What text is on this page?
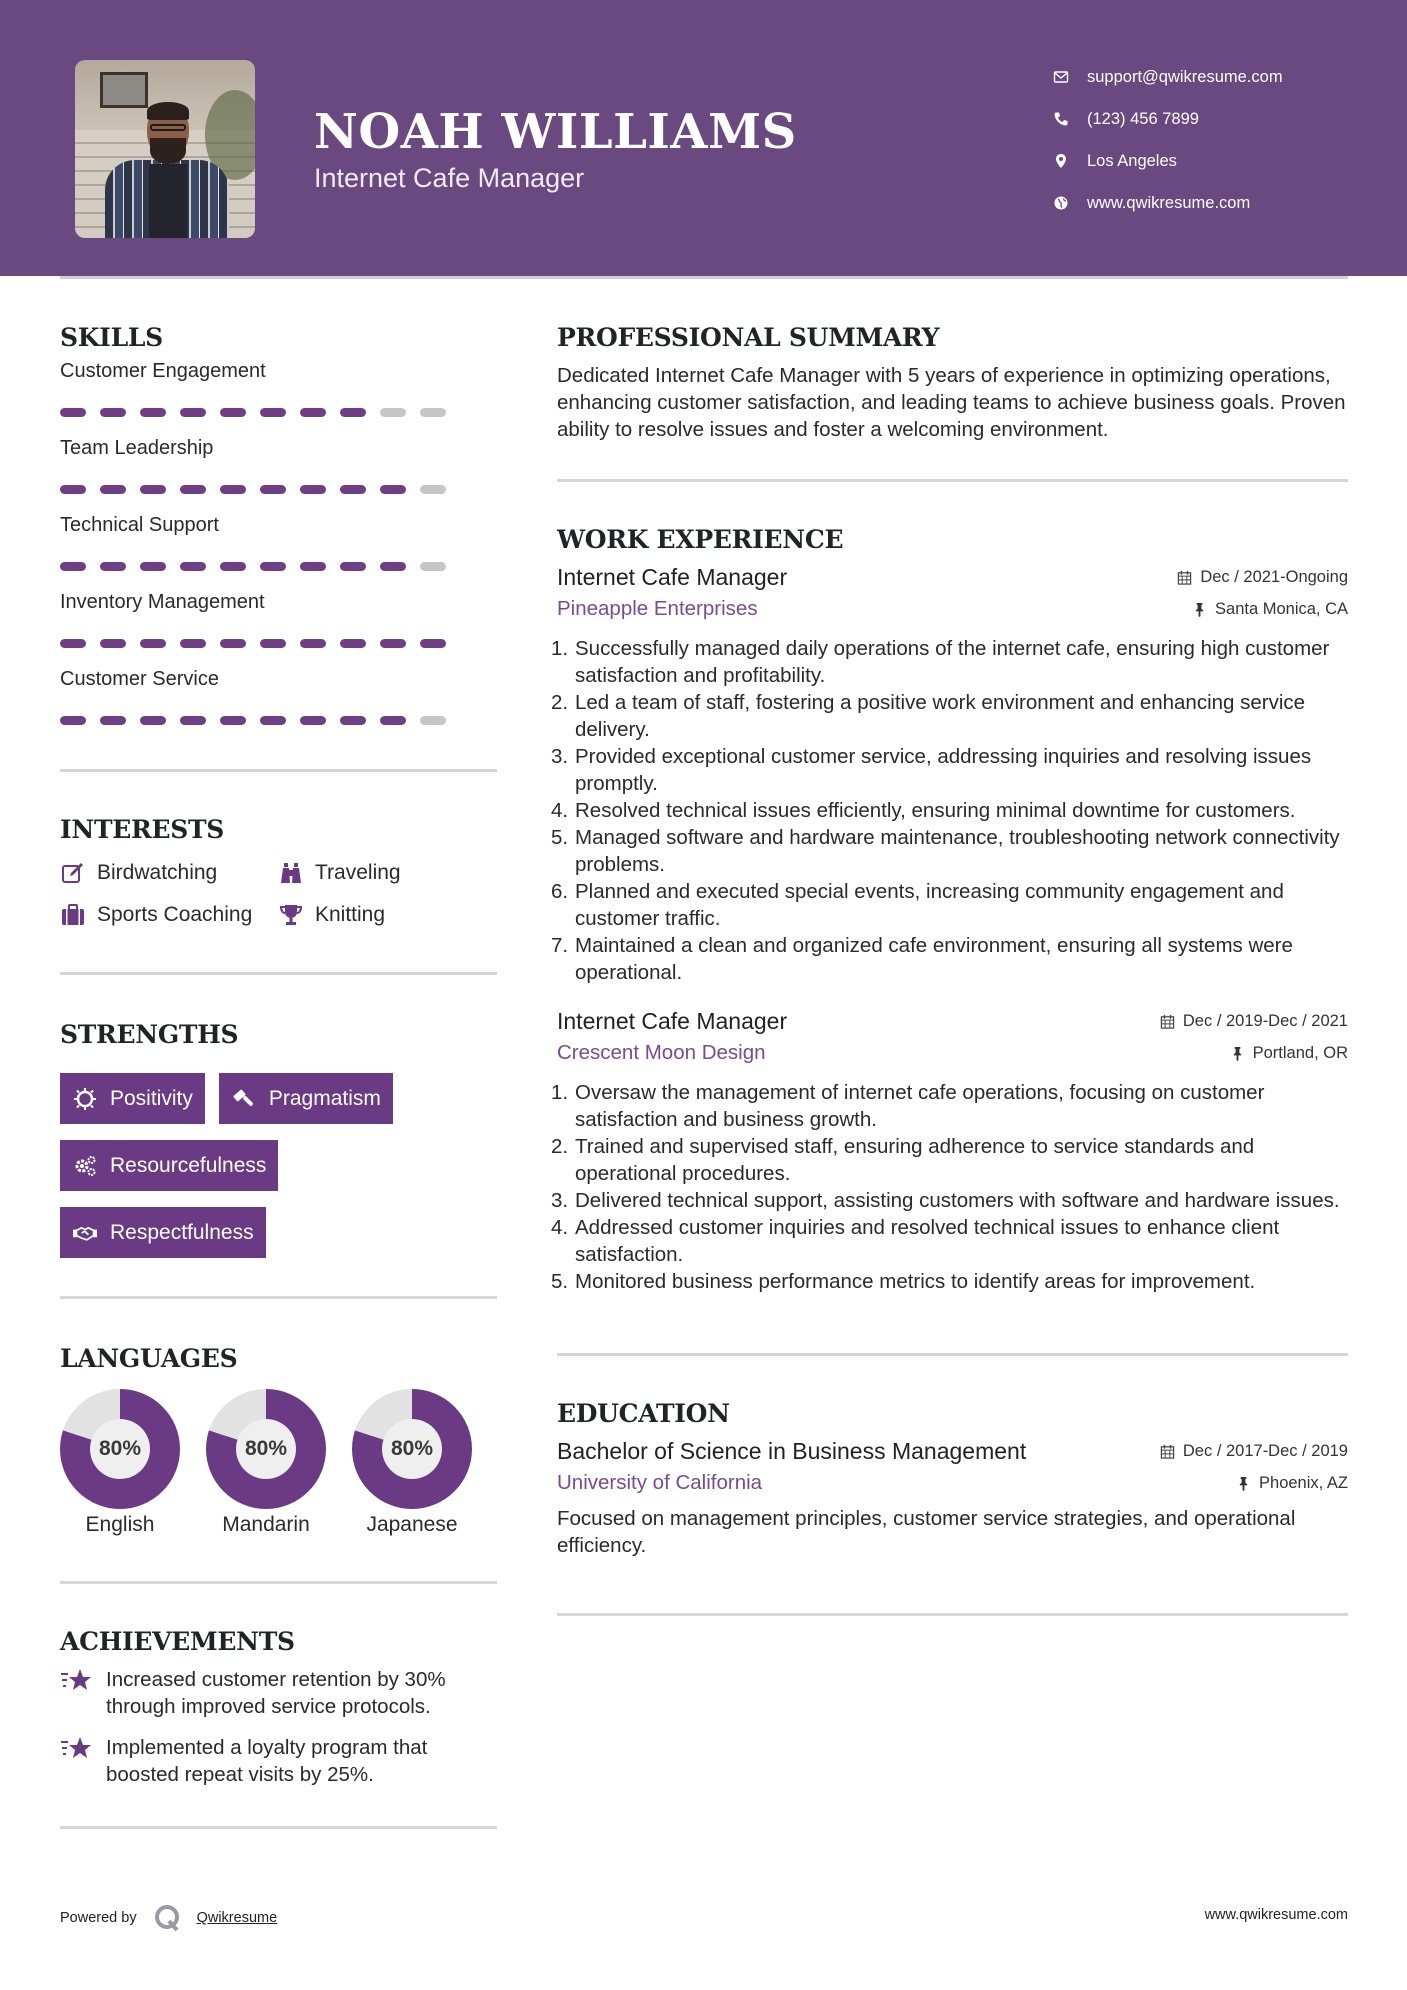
NOAH WILLIAMS
Internet Cafe Manager
support@qwikresume.com
(123) 456 7899
Los Angeles
www.qwikresume.com
SKILLS
Customer Engagement
Team Leadership
Technical Support
Inventory Management
Customer Service
INTERESTS
Birdwatching	Traveling
Sports Coaching	Knitting
STRENGTHS
Positivity	Pragmatism
Resourcefulness
Respectfulness
LANGUAGES
80%
English
80%
Mandarin
80%
Japanese
ACHIEVEMENTS
Increased customer retention by 30% through improved service protocols.
Implemented a loyalty program that boosted repeat visits by 25%.
PROFESSIONAL SUMMARY

Dedicated Internet Cafe Manager with 5 years of experience in optimizing operations, enhancing customer satisfaction, and leading teams to achieve business goals. Proven ability to resolve issues and foster a welcoming environment.

WORK EXPERIENCE
Internet Cafe Manager	Dec / 2021-Ongoing
Pineapple Enterprises	Santa Monica, CA
1. Successfully managed daily operations of the internet cafe, ensuring high customer satisfaction and profitability.
2. Led a team of staff, fostering a positive work environment and enhancing service delivery.
3. Provided exceptional customer service, addressing inquiries and resolving issues promptly.
4. Resolved technical issues efficiently, ensuring minimal downtime for customers.
5. Managed software and hardware maintenance, troubleshooting network connectivity problems.
6. Planned and executed special events, increasing community engagement and customer traffic.
7. Maintained a clean and organized cafe environment, ensuring all systems were operational.
Internet Cafe Manager	Dec / 2019-Dec / 2021
Crescent Moon Design	Portland, OR
1. Oversaw the management of internet cafe operations, focusing on customer satisfaction and business growth.
2. Trained and supervised staff, ensuring adherence to service standards and operational procedures.
3. Delivered technical support, assisting customers with software and hardware issues.
4. Addressed customer inquiries and resolved technical issues to enhance client satisfaction.
5. Monitored business performance metrics to identify areas for improvement.
EDUCATION
Bachelor of Science in Business Management	Dec / 2017-Dec / 2019
University of California	Phoenix, AZ

Focused on management principles, customer service strategies, and operational efficiency.

Powered by	Qwikresume	www.qwikresume.com
